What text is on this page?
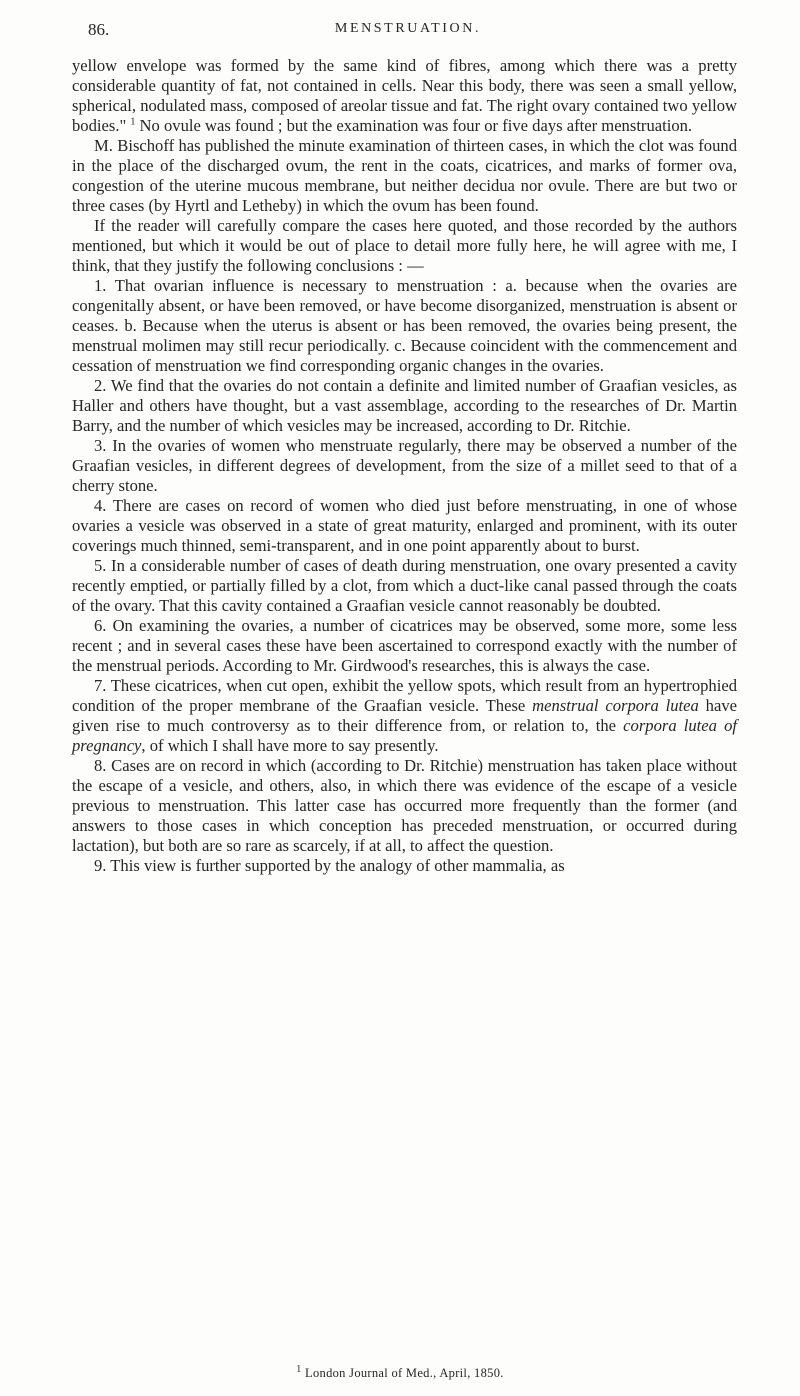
86.	MENSTRUATION.

yellow envelope was formed by the same kind of fibres, among which there was a pretty considerable quantity of fat, not contained in cells. Near this body, there was seen a small yellow, spherical, nodulated mass, composed of areolar tissue and fat. The right ovary contained two yellow bodies." $^1$ No ovule was found ; but the examination was four or five days after menstruation.

M. Bischoff has published the minute examination of thirteen cases, in which the clot was found in the place of the discharged ovum, the rent in the coats, cicatrices, and marks of former ova, congestion of the uterine mucous membrane, but neither decidua nor ovule. There are but two or three cases (by Hyrtl and Letheby) in which the ovum has been found.

If the reader will carefully compare the cases here quoted, and those recorded by the authors mentioned, but which it would be out of place to detail more fully here, he will agree with me, I think, that they justify the following conclusions : —

1. That ovarian influence is necessary to menstruation : a. because when the ovaries are congenitally absent, or have been removed, or have become disorganized, menstruation is absent or ceases. b. Because when the uterus is absent or has been removed, the ovaries being present, the menstrual molimen may still recur periodically. c. Because coincident with the commencement and cessation of menstruation we find corresponding organic changes in the ovaries.

2. We find that the ovaries do not contain a definite and limited number of Graafian vesicles, as Haller and others have thought, but a vast assemblage, according to the researches of Dr. Martin Barry, and the number of which vesicles may be increased, according to Dr. Ritchie.

3. In the ovaries of women who menstruate regularly, there may be observed a number of the Graafian vesicles, in different degrees of development, from the size of a millet seed to that of a cherry stone.

4. There are cases on record of women who died just before menstruating, in one of whose ovaries a vesicle was observed in a state of great maturity, enlarged and prominent, with its outer coverings much thinned, semi-transparent, and in one point apparently about to burst.

5. In a considerable number of cases of death during menstruation, one ovary presented a cavity recently emptied, or partially filled by a clot, from which a duct-like canal passed through the coats of the ovary. That this cavity contained a Graafian vesicle cannot reasonably be doubted.

6. On examining the ovaries, a number of cicatrices may be observed, some more, some less recent ; and in several cases these have been ascertained to correspond exactly with the number of the menstrual periods. According to Mr. Girdwood's researches, this is always the case.

7. These cicatrices, when cut open, exhibit the yellow spots, which result from an hypertrophied condition of the proper membrane of the Graafian vesicle. These menstrual corpora lutea have given rise to much controversy as to their difference from, or relation to, the corpora lutea of pregnancy, of which I shall have more to say presently.

8. Cases are on record in which (according to Dr. Ritchie) menstruation has taken place without the escape of a vesicle, and others, also, in which there was evidence of the escape of a vesicle previous to menstruation. This latter case has occurred more frequently than the former (and answers to those cases in which conception has preceded menstruation, or occurred during lactation), but both are so rare as scarcely, if at all, to affect the question.

9. This view is further supported by the analogy of other mammalia, as

$^1$ London Journal of Med., April, 1850.
